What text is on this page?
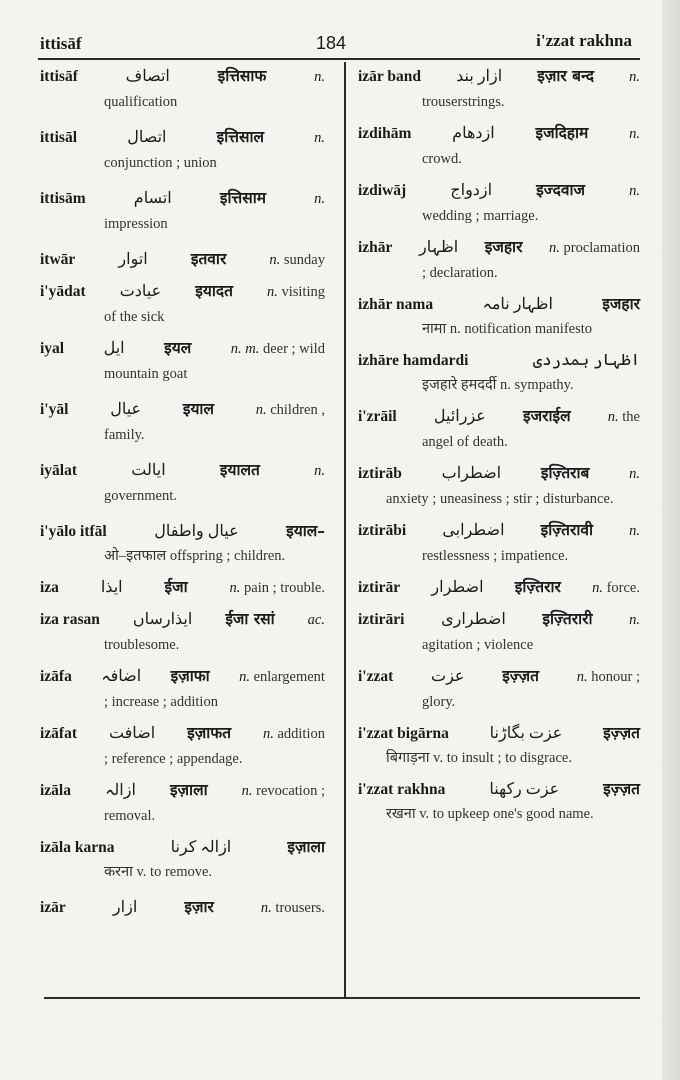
ittisāf	184	i'zzat rakhna
ittisāf	اتصاف	इत्तिसाफ	n.
qualification
ittisāl	اتصال	इत्तिसाल	n.
conjunction ; union
ittisām	اتسام	इत्तिसाम	n.
impression
itwār	اتوار	इतवार	n. sunday
i'yādat عیادت इयादत n. visiting
of the sick
iyal ایل	इयल	n. m. deer ; wild
mountain goat
i'yāl	عیال	इयाल	n. children ,
family.
iyālat	ایالت	इयालत	n.
government.
i'yālo itfāl	عیال واطفال	इयाल–
ओ–इतफाल offspring ; children.
iza	ایذا	ईजा	n. pain ; trouble.
iza rasan ایذارساں ईजा रसां ac.
troublesome.
izāfa اضافہ इज़ाफा n. enlargement
; increase ; addition
izāfat اضافت इज़ाफत n. addition
; reference ; appendage.
izāla ازالہ इज़ाला n. revocation ;
removal.
izāla karna	ازالہ کرنا	इज़ाला
करना v. to remove.
izār	ازار	इज़ार	n. trousers.
izār band ازار بند इज़ार बन्द n.
trouserstrings.
izdihām	ازدھام	इजदिहाम	n.
crowd.
izdiwāj	ازدواج	इज्दवाज	n.
wedding ; marriage.
izhār اظہار इजहार n. proclamation
; declaration.
izhār nama	اظہار نامہ	इजहार
नामा n. notification manifesto
izhāre hamdardi	اظہار ہمدردی
इजहारे हमदर्दी n. sympathy.
i'zrāil عزرائیل इजराईल	n. the
angel of death.
iztirāb اضطراب	इज़्तिराब	n.
anxiety ; uneasiness ; stir ; disturbance.
iztirābi اضطرابی इज़्तिरावी n.
restlessness ; impatience.
iztirār اضطرار इज़्तिरार n. force.
iztirāri اضطراری इज़्तिरारी	n.
agitation ; violence
i'zzat عزت इज़्ज़त	n. honour ;
glory.
i'zzat bigārna	عزت بگاڑنا	इज़्ज़त
बिगाड़ना v. to insult ; to disgrace.
i'zzat rakhna	عزت رکھنا	इज़्ज़त
रखना v. to upkeep one's good name.
